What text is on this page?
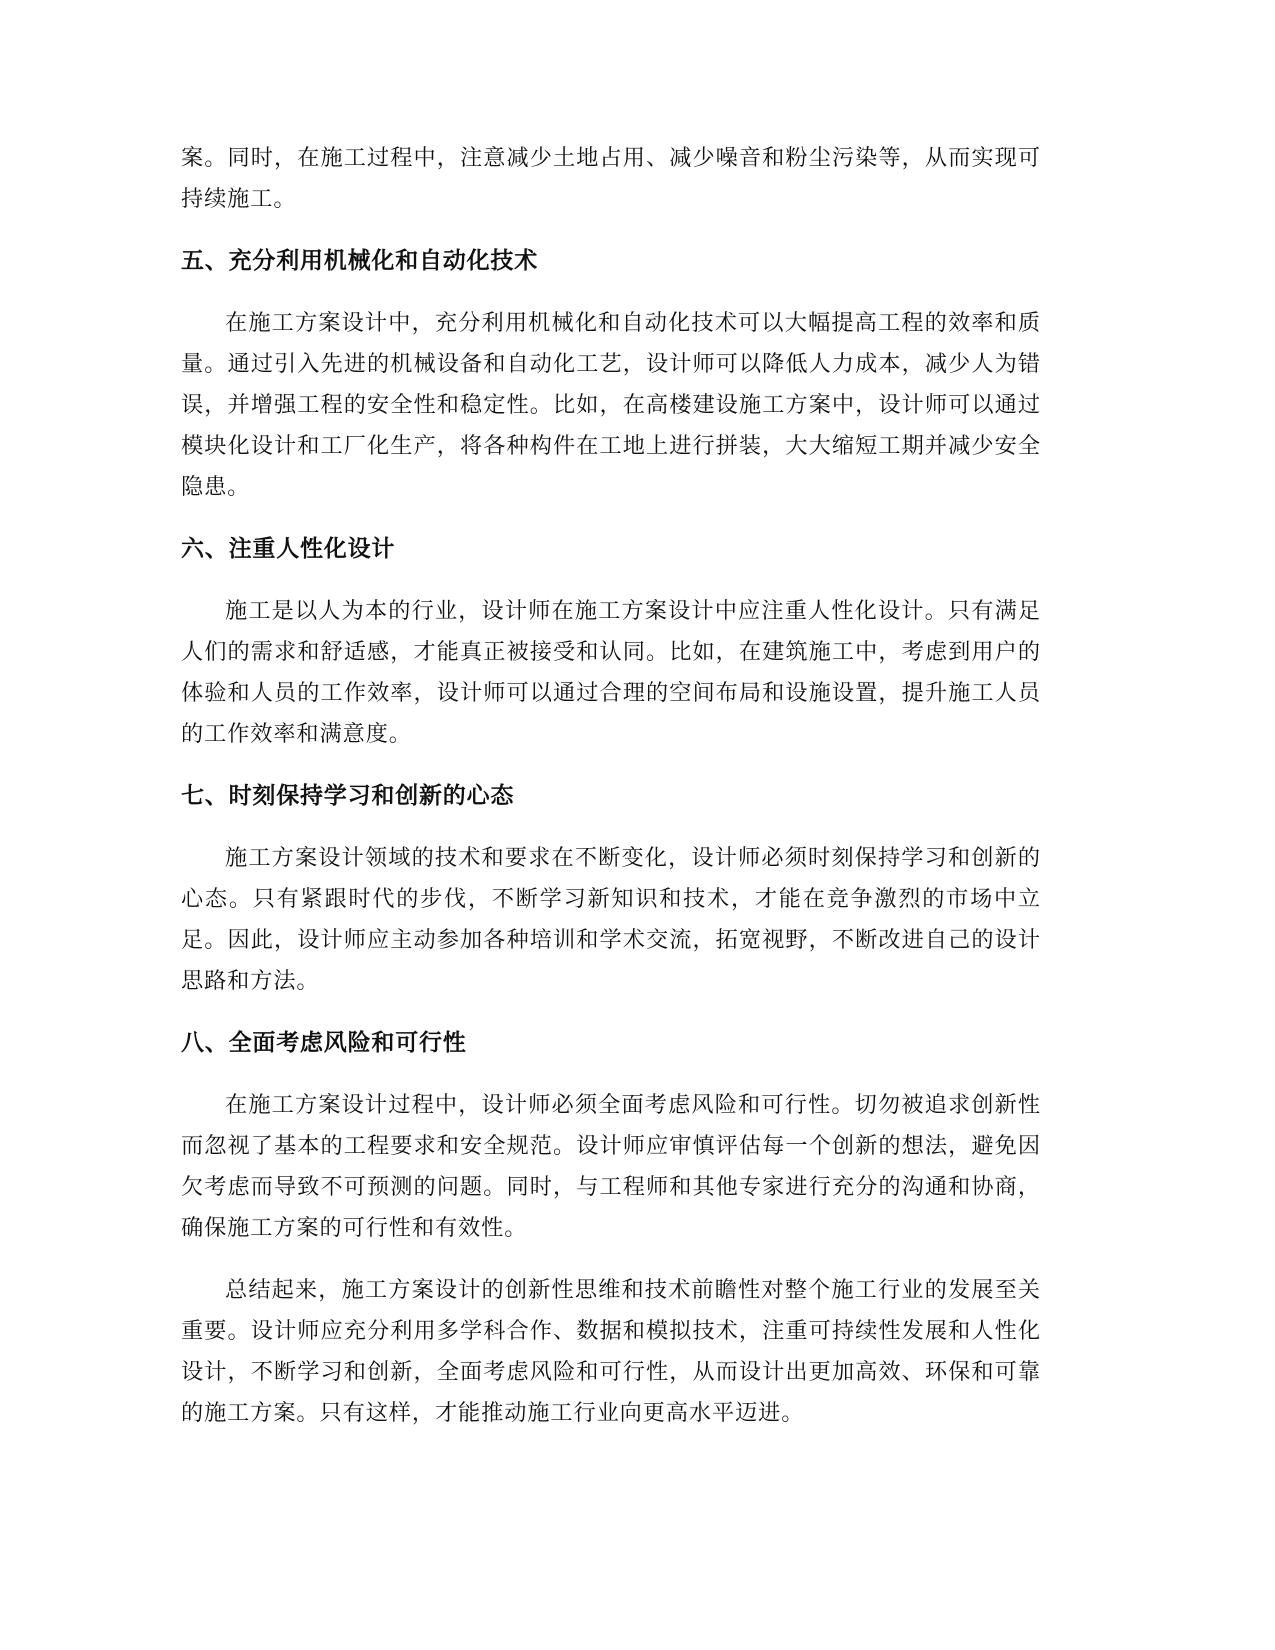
案。同时，在施工过程中，注意减少土地占用、减少噪音和粉尘污染等，从而实现可持续施工。

五、充分利用机械化和自动化技术

在施工方案设计中，充分利用机械化和自动化技术可以大幅提高工程的效率和质量。通过引入先进的机械设备和自动化工艺，设计师可以降低人力成本，减少人为错误，并增强工程的安全性和稳定性。比如，在高楼建设施工方案中，设计师可以通过模块化设计和工厂化生产，将各种构件在工地上进行拼装，大大缩短工期并减少安全隐患。

六、注重人性化设计

施工是以人为本的行业，设计师在施工方案设计中应注重人性化设计。只有满足人们的需求和舒适感，才能真正被接受和认同。比如，在建筑施工中，考虑到用户的体验和人员的工作效率，设计师可以通过合理的空间布局和设施设置，提升施工人员的工作效率和满意度。

七、时刻保持学习和创新的心态

施工方案设计领域的技术和要求在不断变化，设计师必须时刻保持学习和创新的心态。只有紧跟时代的步伐，不断学习新知识和技术，才能在竞争激烈的市场中立足。因此，设计师应主动参加各种培训和学术交流，拓宽视野，不断改进自己的设计思路和方法。

八、全面考虑风险和可行性

在施工方案设计过程中，设计师必须全面考虑风险和可行性。切勿被追求创新性而忽视了基本的工程要求和安全规范。设计师应审慎评估每一个创新的想法，避免因欠考虑而导致不可预测的问题。同时，与工程师和其他专家进行充分的沟通和协商，确保施工方案的可行性和有效性。

总结起来，施工方案设计的创新性思维和技术前瞻性对整个施工行业的发展至关重要。设计师应充分利用多学科合作、数据和模拟技术，注重可持续性发展和人性化设计，不断学习和创新，全面考虑风险和可行性，从而设计出更加高效、环保和可靠的施工方案。只有这样，才能推动施工行业向更高水平迈进。
